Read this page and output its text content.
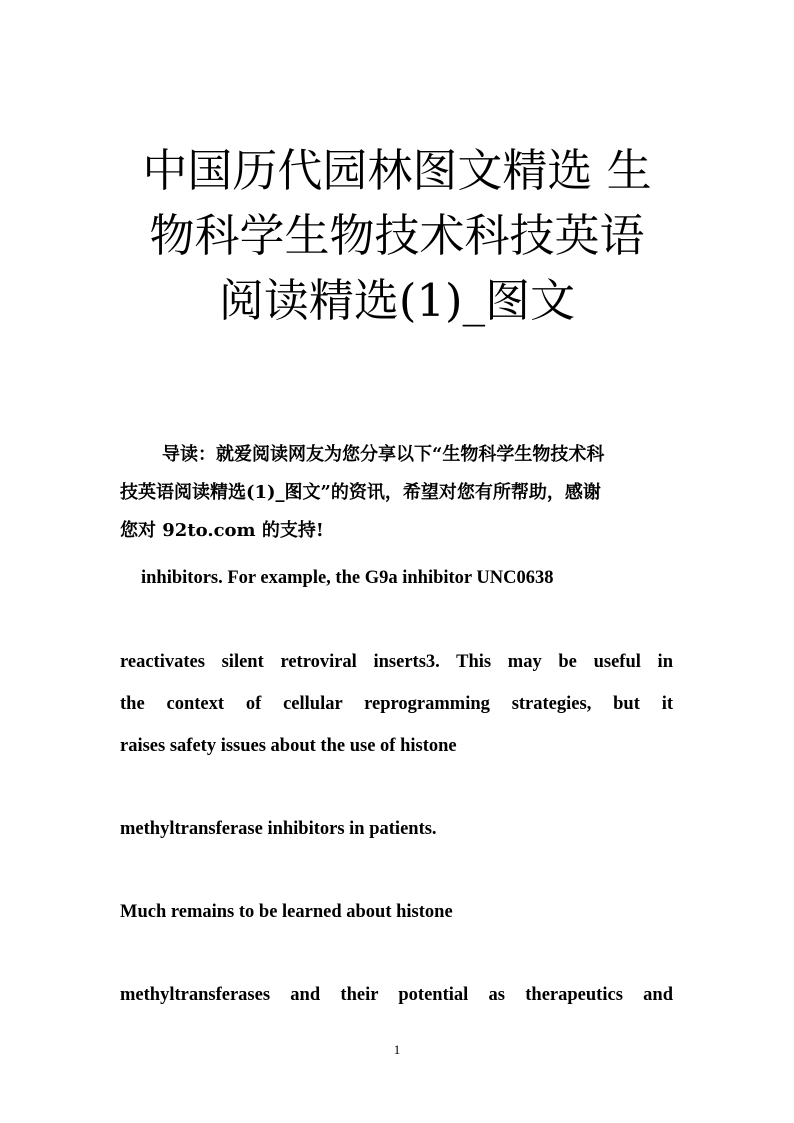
中国历代园林图文精选 生
物科学生物技术科技英语
阅读精选(1)_图文
导读：就爱阅读网友为您分享以下“生物科学生物技术科
技英语阅读精选(1)_图文”的资讯，希望对您有所帮助，感谢
您对 92to.com 的支持!
inhibitors. For example, the G9a inhibitor UNC0638
reactivates silent retroviral inserts3. This may be useful in
the context of cellular reprogramming strategies, but it
raises safety issues about the use of histone
methyltransferase inhibitors in patients.
Much remains to be learned about histone
methyltransferases and their potential as therapeutics and
1
